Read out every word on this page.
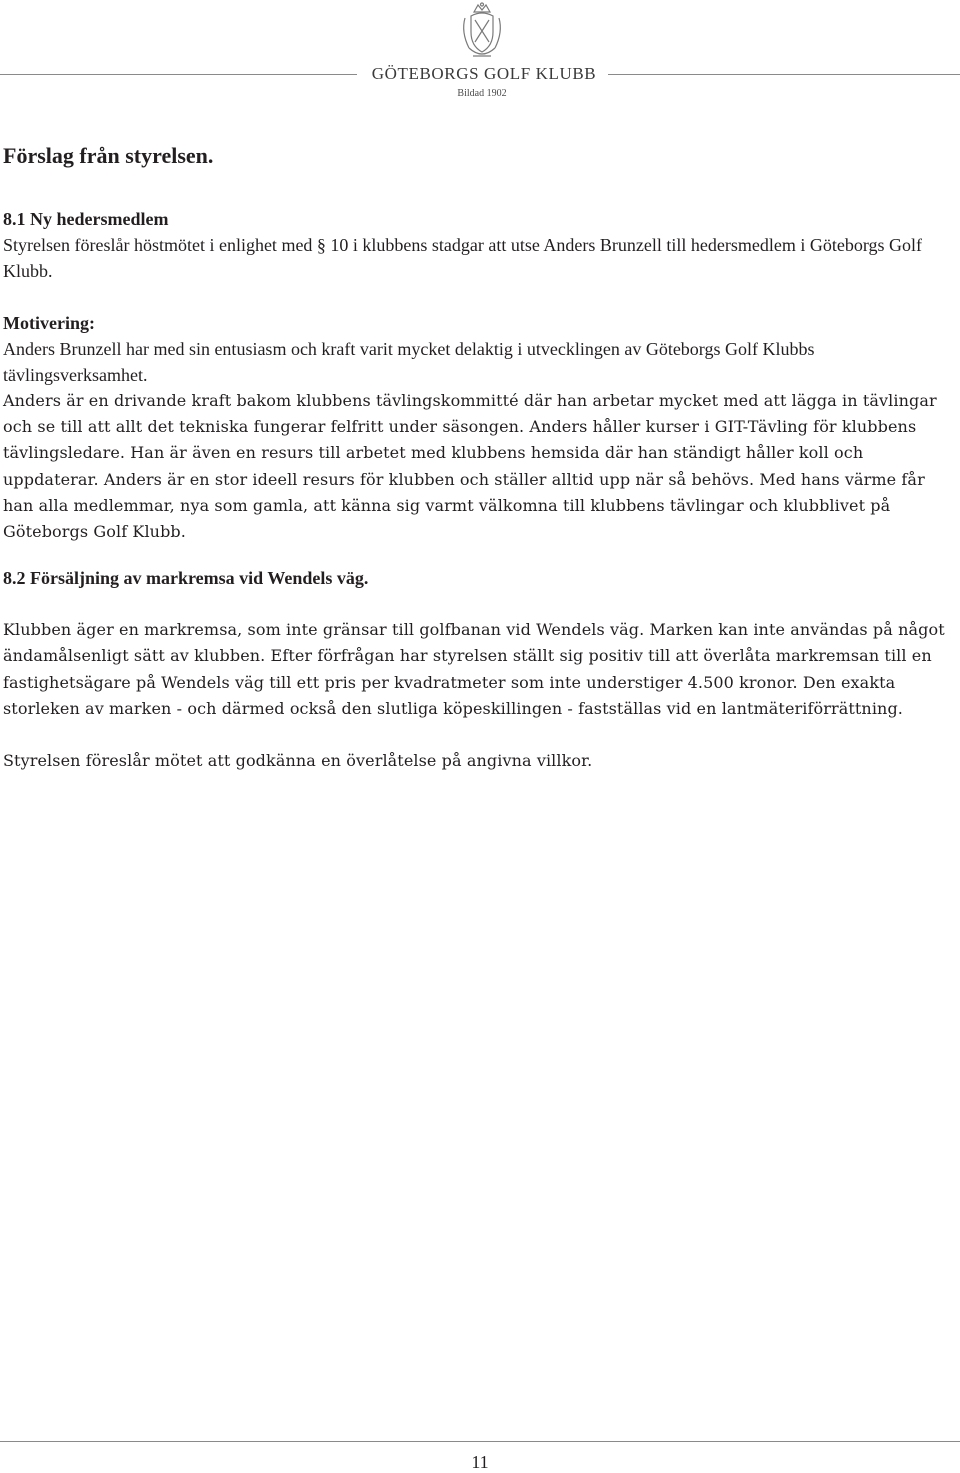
GÖTEBORGS GOLF KLUBB
Bildad 1902
Förslag från styrelsen.

8.1 Ny hedersmedlem

Styrelsen föreslår höstmötet i enlighet med § 10 i klubbens stadgar att utse Anders Brunzell till hedersmedlem i Göteborgs Golf Klubb.

Motivering:

Anders Brunzell har med sin entusiasm och kraft varit mycket delaktig i utvecklingen av Göteborgs Golf Klubbs tävlingsverksamhet.

Anders är en drivande kraft bakom klubbens tävlingskommitté där han arbetar mycket med att lägga in tävlingar och se till att allt det tekniska fungerar felfritt under säsongen. Anders håller kurser i GIT-Tävling för klubbens tävlingsledare. Han är även en resurs till arbetet med klubbens hemsida där han ständigt håller koll och uppdaterar. Anders är en stor ideell resurs för klubben och ställer alltid upp när så behövs. Med hans värme får han alla medlemmar, nya som gamla, att känna sig varmt välkomna till klubbens tävlingar och klubblivet på Göteborgs Golf Klubb.

8.2 Försäljning av markremsa vid Wendels väg.

Klubben äger en markremsa, som inte gränsar till golfbanan vid Wendels väg. Marken kan inte användas på något ändamålsenligt sätt av klubben. Efter förfrågan har styrelsen ställt sig positiv till att överlåta markremsan till en fastighetsägare på Wendels väg till ett pris per kvadratmeter som inte understiger 4.500 kronor. Den exakta storleken av marken - och därmed också den slutliga köpeskillingen - fastställas vid en lantmäteriförrättning.

Styrelsen föreslår mötet att godkänna en överlåtelse på angivna villkor.

11
